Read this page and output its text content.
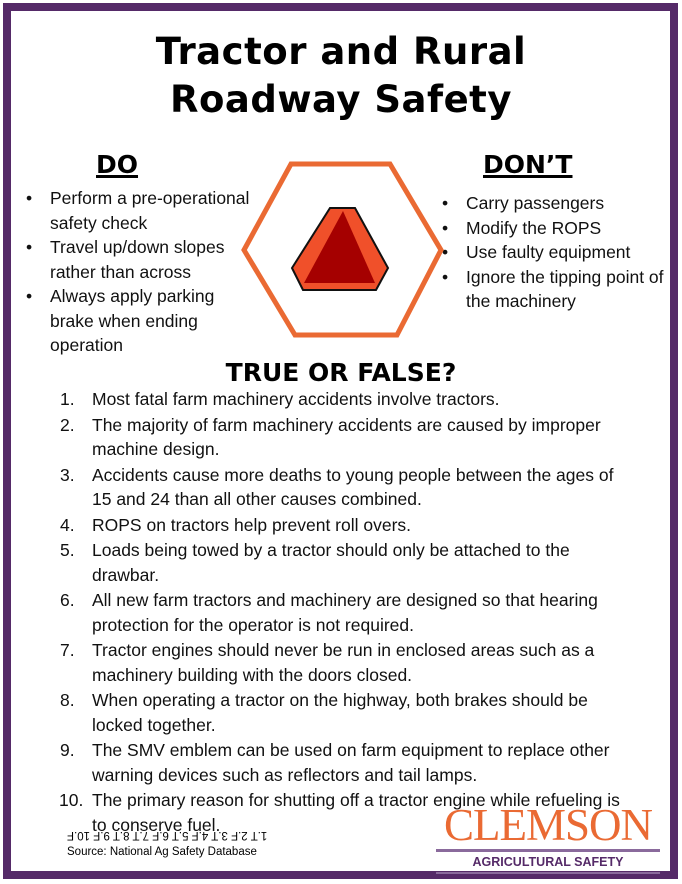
Tractor and Rural
Roadway Safety
DO
• Perform a pre-operational safety check
• Travel up/down slopes rather than across
• Always apply parking brake when ending operation
DON’T
• Carry passengers
• Modify the ROPS
• Use faulty equipment
• Ignore the tipping point of the machinery
TRUE OR FALSE?
1. Most fatal farm machinery accidents involve tractors.
2. The majority of farm machinery accidents are caused by improper machine design.
3. Accidents cause more deaths to young people between the ages of 15 and 24 than all other causes combined.
4. ROPS on tractors help prevent roll overs.
5. Loads being towed by a tractor should only be attached to the drawbar.
6. All new farm tractors and machinery are designed so that hearing protection for the operator is not required.
7. Tractor engines should never be run in enclosed areas such as a machinery building with the doors closed.
8. When operating a tractor on the highway, both brakes should be locked together.
9. The SMV emblem can be used on farm equipment to replace other warning devices such as reflectors and tail lamps.
10. The primary reason for shutting off a tractor engine while refueling is to conserve fuel.
1.T 2.F 3.T 4.F 5.T 6.F 7.T 8.T 9.F 10.F
Source: National Ag Safety Database
CLEMSON
AGRICULTURAL SAFETY
